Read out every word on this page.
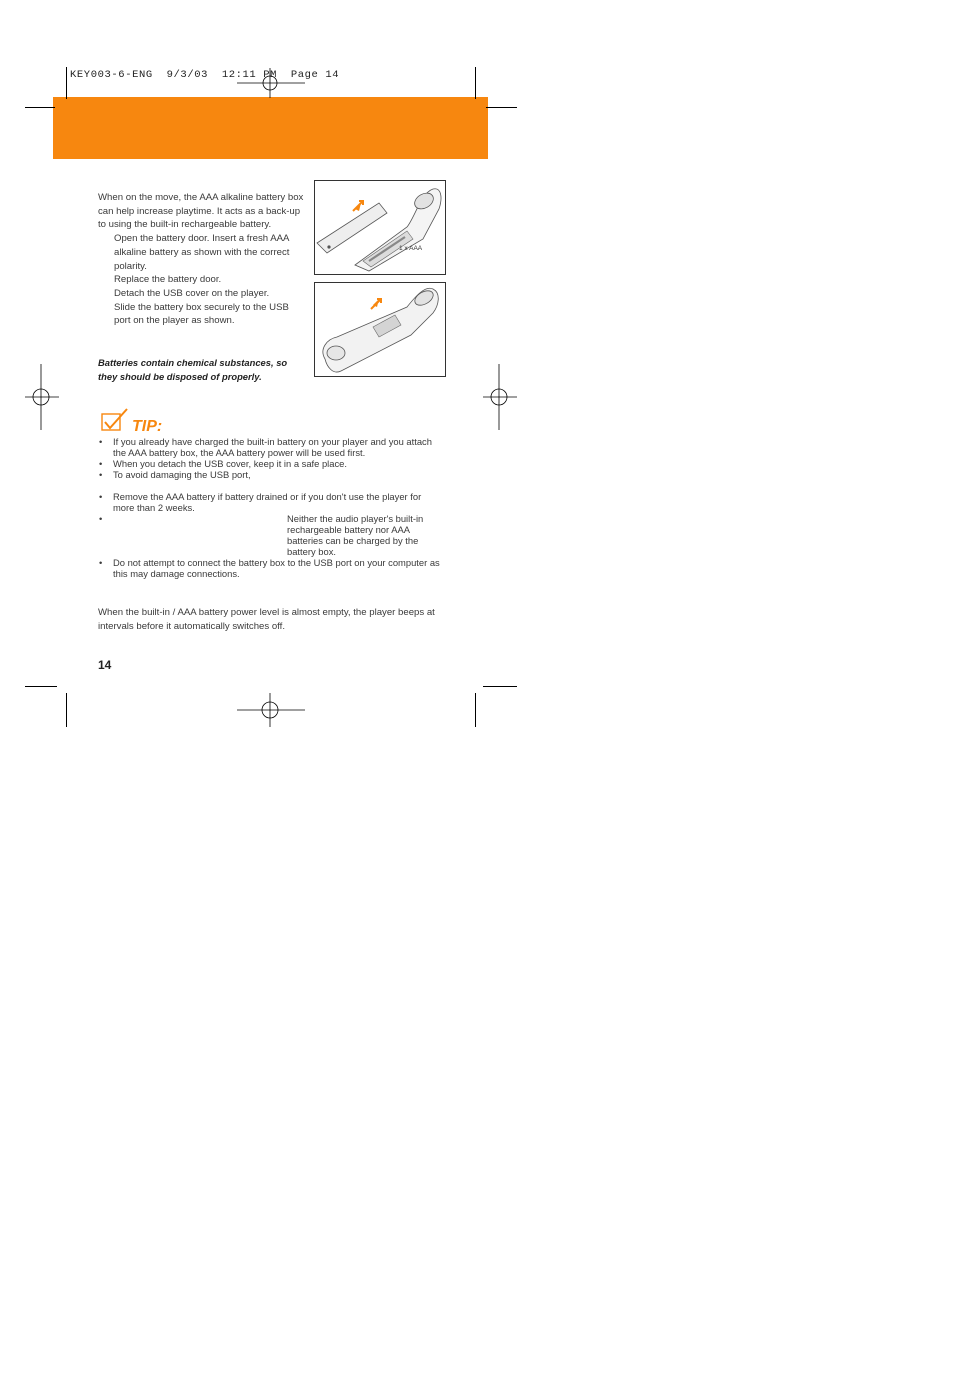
KEY003-6-ENG  9/3/03  12:11 PM  Page 14
When on the move, the AAA alkaline battery box can help increase playtime. It acts as a back-up to using the built-in rechargeable battery.
Open the battery door. Insert a fresh AAA alkaline battery as shown with the correct polarity.
Replace the battery door.
Detach the USB cover on the player.
Slide the battery box securely to the USB port on the player as shown.
Batteries contain chemical substances, so they should be disposed of properly.
1 x AAA
TIP:
• If you already have charged the built-in battery on your player and you attach the AAA battery box, the AAA battery power will be used first.
• When you detach the USB cover, keep it in a safe place.
• To avoid damaging the USB port,
• Remove the AAA battery if battery drained or if you don't use the player for more than 2 weeks.
•	Neither the audio player's built-in rechargeable battery nor AAA batteries can be charged by the battery box.
• Do not attempt to connect the battery box to the USB port on your computer as this may damage connections.
When the built-in / AAA battery power level is almost empty, the player beeps at intervals before it automatically switches off.
14
